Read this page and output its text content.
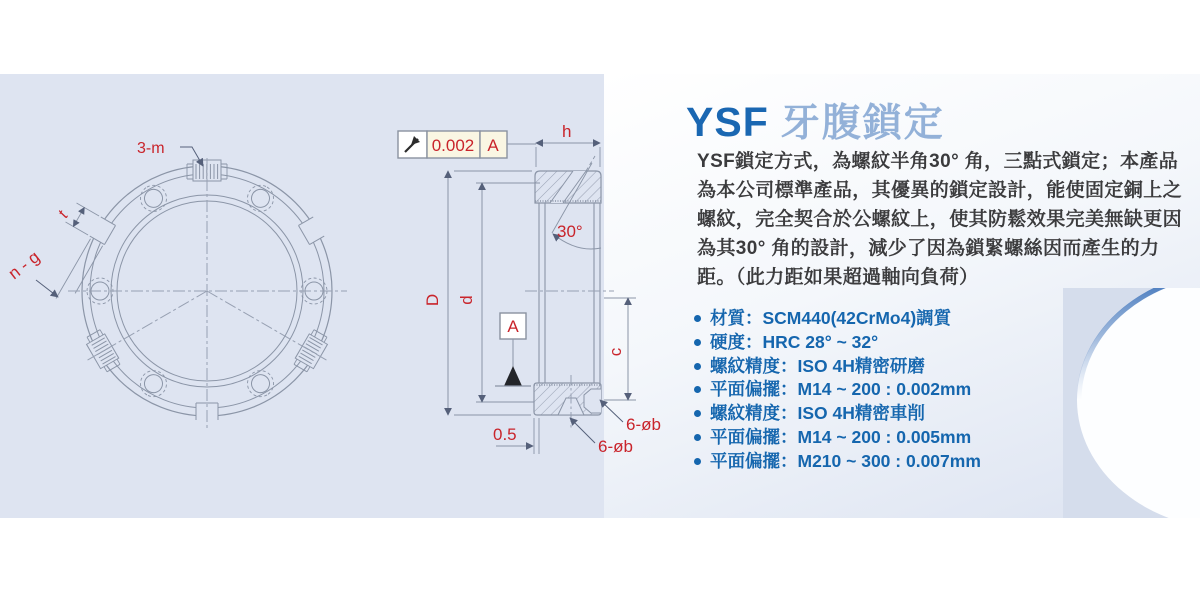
3-m
t
n - g
0.002 A
h
30°
D d
c
A
0.5
6-øb
6-øb
YSF 牙腹鎖定
YSF鎖定方式，為螺紋半角30° 角，三點式鎖定；本產品
為本公司標準產品，其優異的鎖定設計，能使固定銅上之
螺紋，完全契合於公螺紋上，使其防鬆效果完美無缺更因
為其30° 角的設計，減少了因為鎖緊螺絲因而產生的力
距。（此力距如果超過軸向負荷）
材質：SCM440(42CrMo4)調質
硬度：HRC 28° ~ 32°
螺紋精度：ISO 4H精密研磨
平面偏擺：M14 ~ 200 : 0.002mm
螺紋精度：ISO 4H精密車削
平面偏擺：M14 ~ 200 : 0.005mm
平面偏擺：M210 ~ 300 : 0.007mm
